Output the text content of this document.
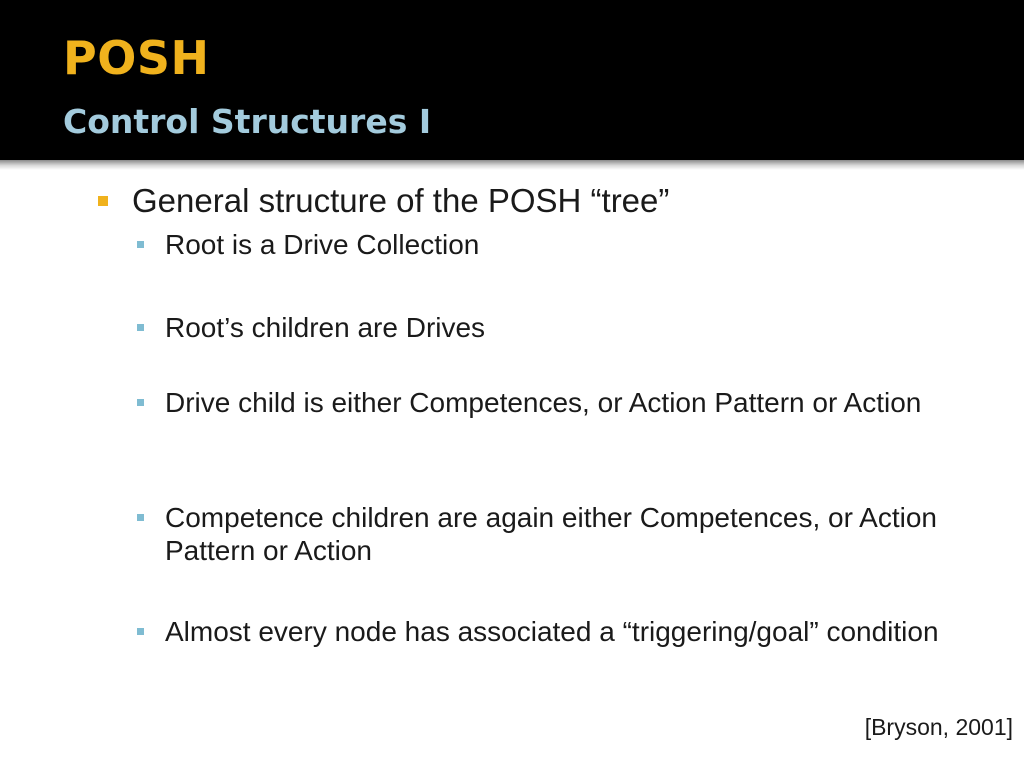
POSH
Control Structures I
General structure of the POSH “tree”
Root is a Drive Collection
Root’s children are Drives
Drive child is either Competences, or Action Pattern or Action
Competence children are again either Competences, or Action Pattern or Action
Almost every node has associated a “triggering/goal” condition
[Bryson, 2001]
